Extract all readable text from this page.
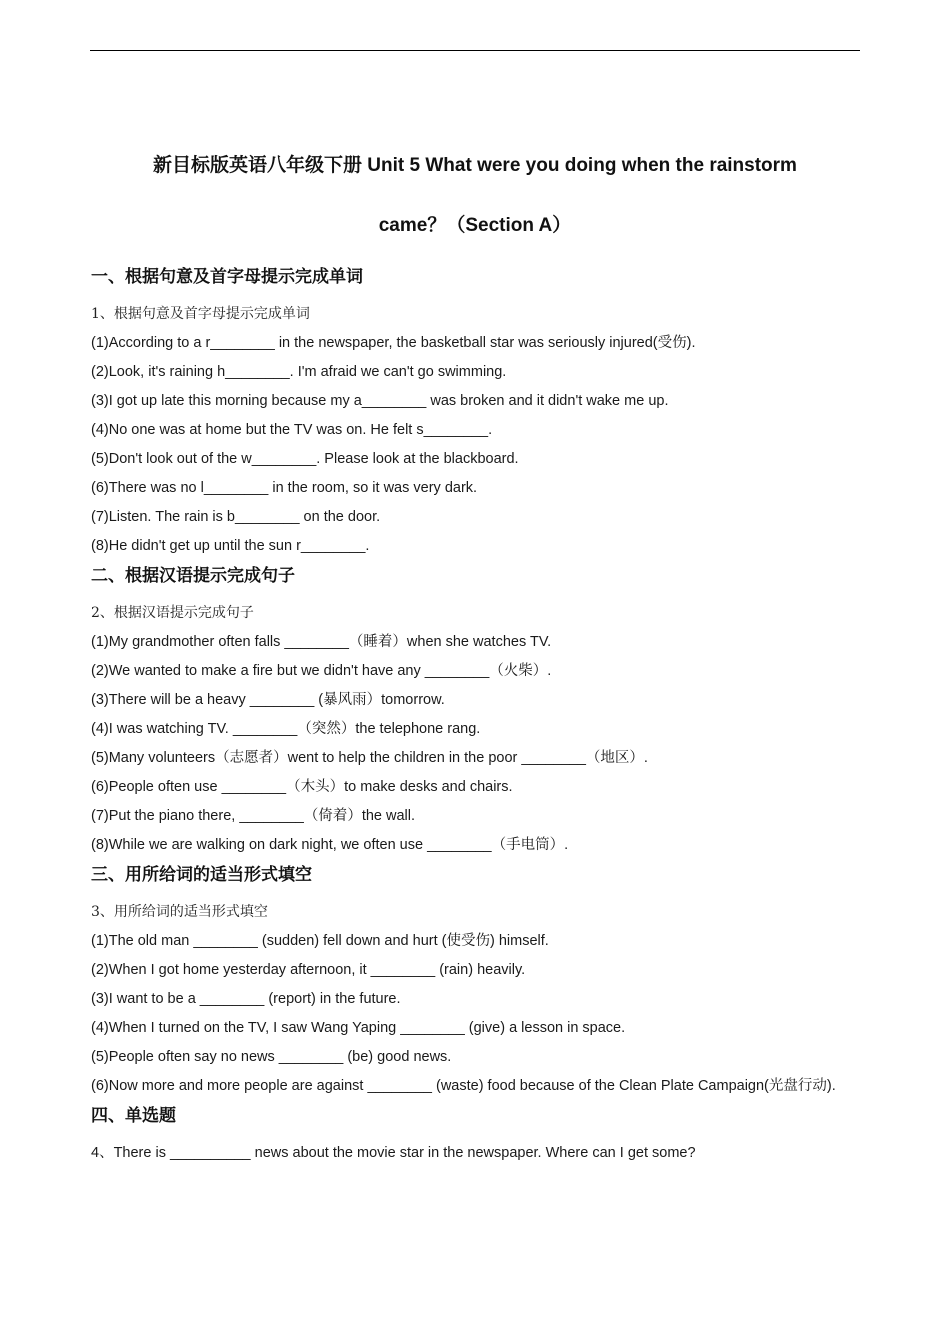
新目标版英语八年级下册 Unit 5 What were you doing when the rainstorm
came？（Section A）
一、根据句意及首字母提示完成单词
1、根据句意及首字母提示完成单词
(1)According to a r________ in the newspaper, the basketball star was seriously injured(受伤).
(2)Look, it's raining h________. I'm afraid we can't go swimming.
(3)I got up late this morning because my a________ was broken and it didn't wake me up.
(4)No one was at home but the TV was on. He felt s________.
(5)Don't look out of the w________. Please look at the blackboard.
(6)There was no l________ in the room, so it was very dark.
(7)Listen. The rain is b________ on the door.
(8)He didn't get up until the sun r________.
二、根据汉语提示完成句子
2、根据汉语提示完成句子
(1)My grandmother often falls ________（睡着）when she watches TV.
(2)We wanted to make a fire but we didn't have any ________（火柴）.
(3)There will be a heavy ________ (暴风雨）tomorrow.
(4)I was watching TV. ________（突然）the telephone rang.
(5)Many volunteers（志愿者）went to help the children in the poor ________（地区）.
(6)People often use ________（木头）to make desks and chairs.
(7)Put the piano there, ________（倚着）the wall.
(8)While we are walking on dark night, we often use ________（手电筒）.
三、用所给词的适当形式填空
3、用所给词的适当形式填空
(1)The old man ________ (sudden) fell down and hurt (使受伤) himself.
(2)When I got home yesterday afternoon, it ________ (rain) heavily.
(3)I want to be a ________ (report) in the future.
(4)When I turned on the TV, I saw Wang Yaping ________ (give) a lesson in space.
(5)People often say no news ________ (be) good news.
(6)Now more and more people are against ________ (waste) food because of the Clean Plate Campaign(光盘行动).
四、单选题
4、There is __________ news about the movie star in the newspaper. Where can I get some?
